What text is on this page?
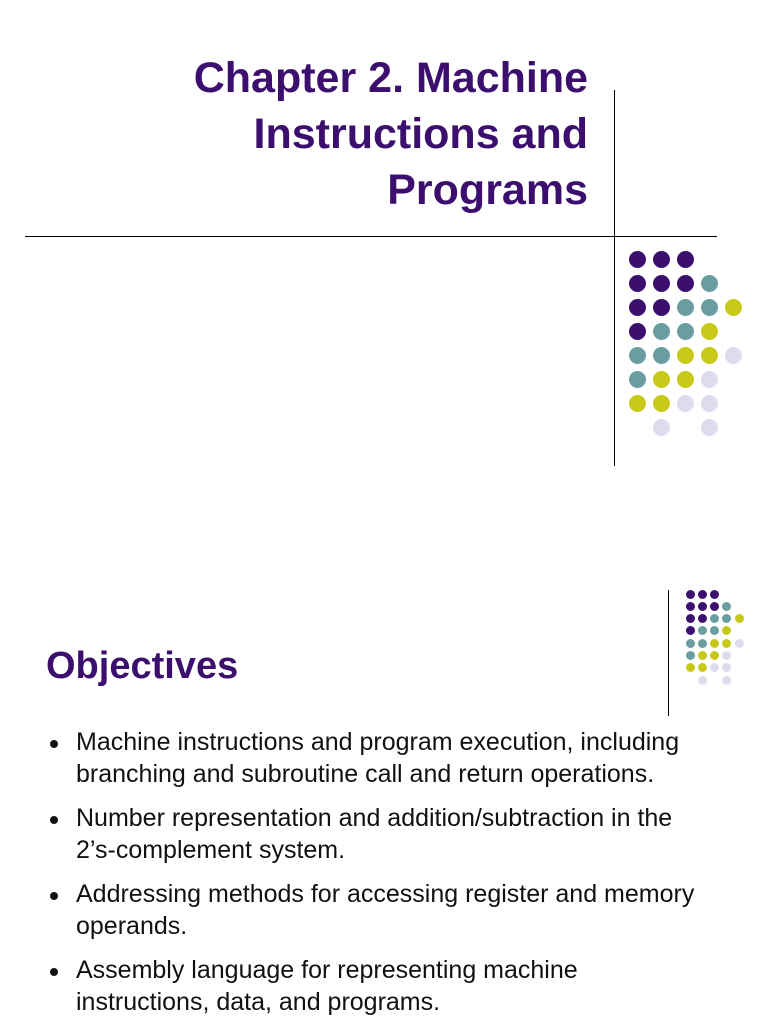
Chapter 2. Machine
Instructions and
Programs
Objectives
Machine instructions and program execution, including branching and subroutine call and return operations.
Number representation and addition/subtraction in the 2’s-complement system.
Addressing methods for accessing register and memory operands.
Assembly language for representing machine instructions, data, and programs.
